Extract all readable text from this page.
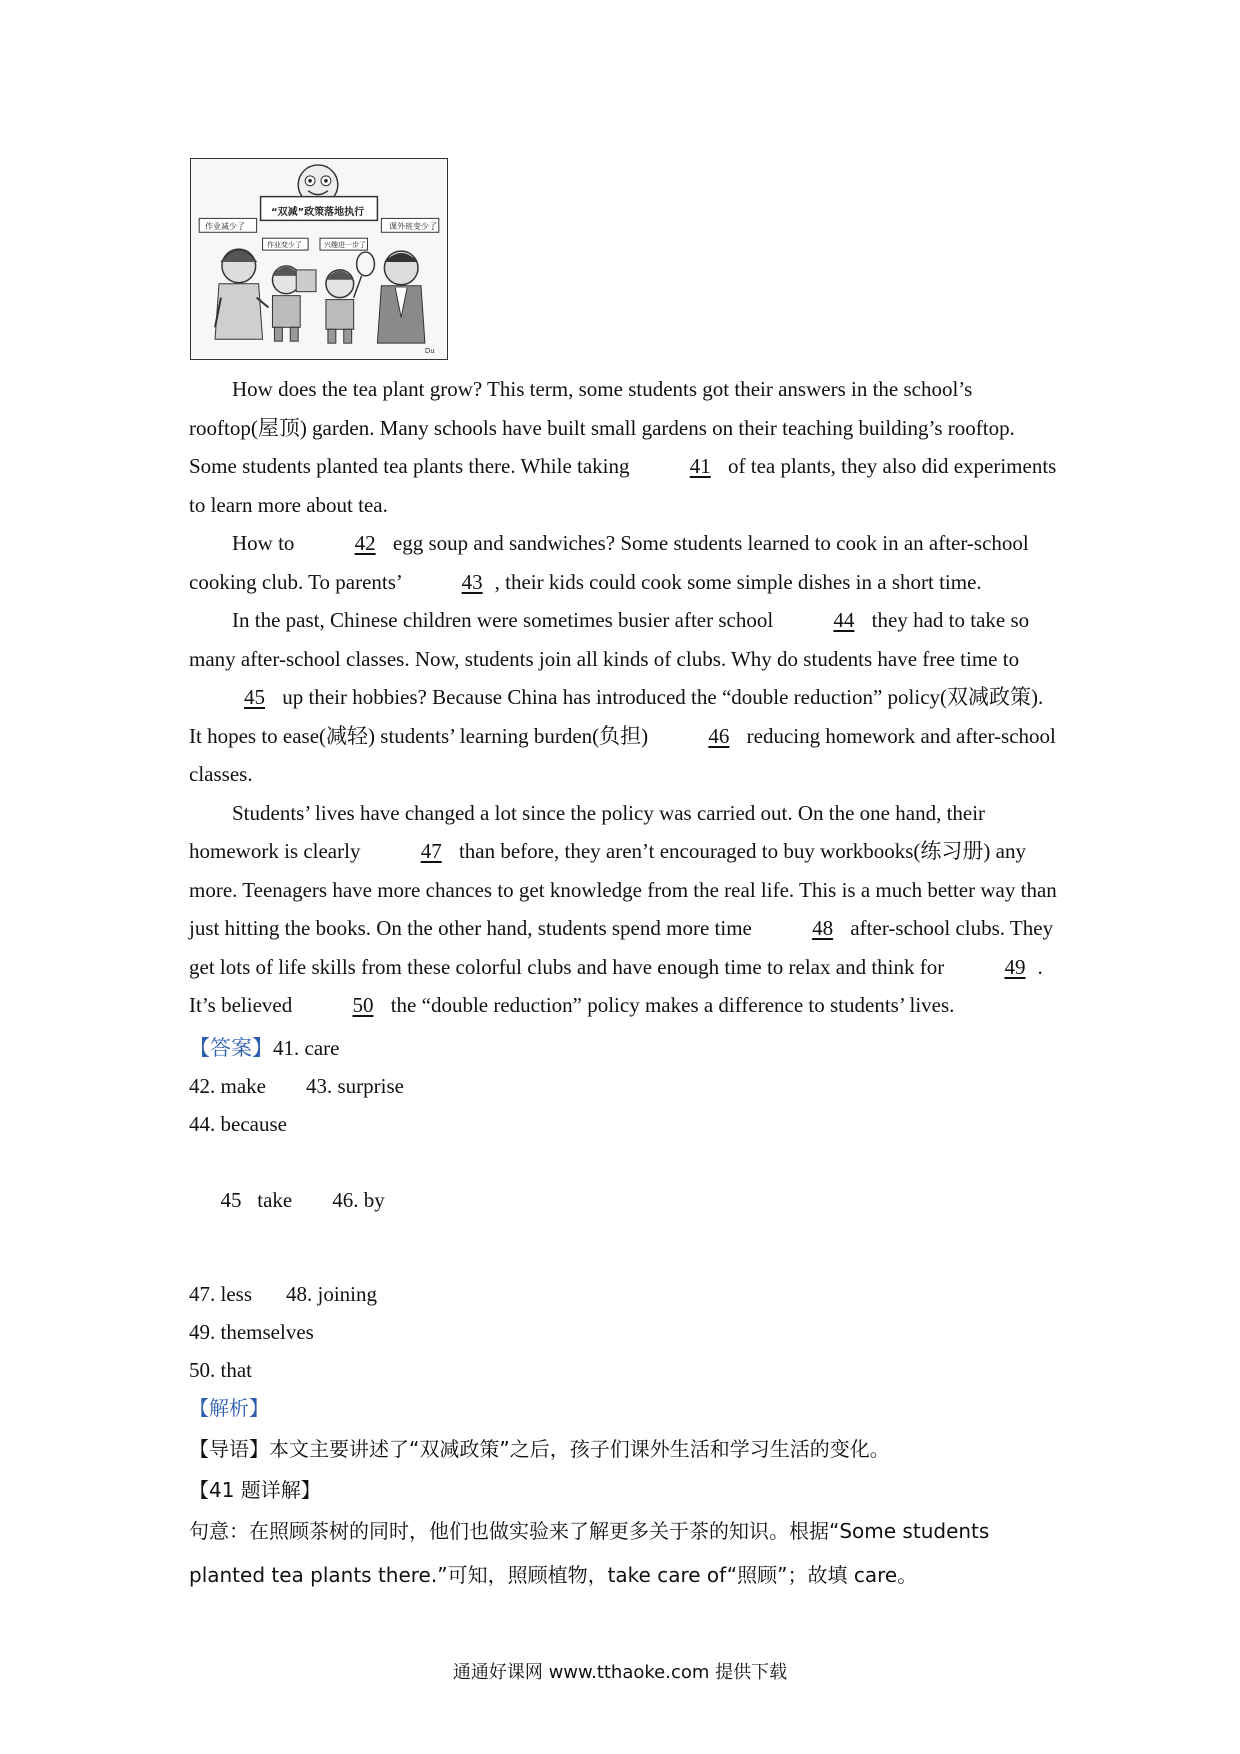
Du
“双减”政策落地执行
作业减少了
作业变少了	兴趣进一步了
课外班变少了

How does the tea plant grow? This term, some students got their answers in the school’s rooftop(屋顶) garden. Many schools have built small gardens on their teaching building’s rooftop. Some students planted tea plants there. While taking	41 of tea plants, they also did experiments to learn more about tea.

How to	42 egg soup and sandwiches? Some students learned to cook in an after-school cooking club. To parents’	43 , their kids could cook some simple dishes in a short time.

In the past, Chinese children were sometimes busier after school	44 they had to take so many after-school classes. Now, students join all kinds of clubs. Why do students have free time to 45 up their hobbies? Because China has introduced the “double reduction” policy(双减政策). It hopes to ease(减轻) students’ learning burden(负担)	46 reducing homework and after-school classes.

Students’ lives have changed a lot since the policy was carried out. On the one hand, their homework is clearly	47 than before, they aren’t encouraged to buy workbooks(练习册) any more. Teenagers have more chances to get knowledge from the real life. This is a much better way than just hitting the books. On the other hand, students spend more time	48 after-school clubs. They get lots of life skills from these colorful clubs and have enough time to relax and think for	49 . It’s believed	50 the “double reduction” policy makes a difference to students’ lives.

【答案】41. care

42. make 43. surprise

44. because

45   take 46. by

47. less 48. joining

49. themselves

50. that

【解析】

【导语】本文主要讲述了“双减政策”之后，孩子们课外生活和学习生活的变化。

【41 题详解】

句意：在照顾茶树的同时，他们也做实验来了解更多关于茶的知识。根据“Some students planted tea plants there.”可知，照顾植物，take care of“照顾”；故填 care。

通通好课网 www.tthaoke.com 提供下载
